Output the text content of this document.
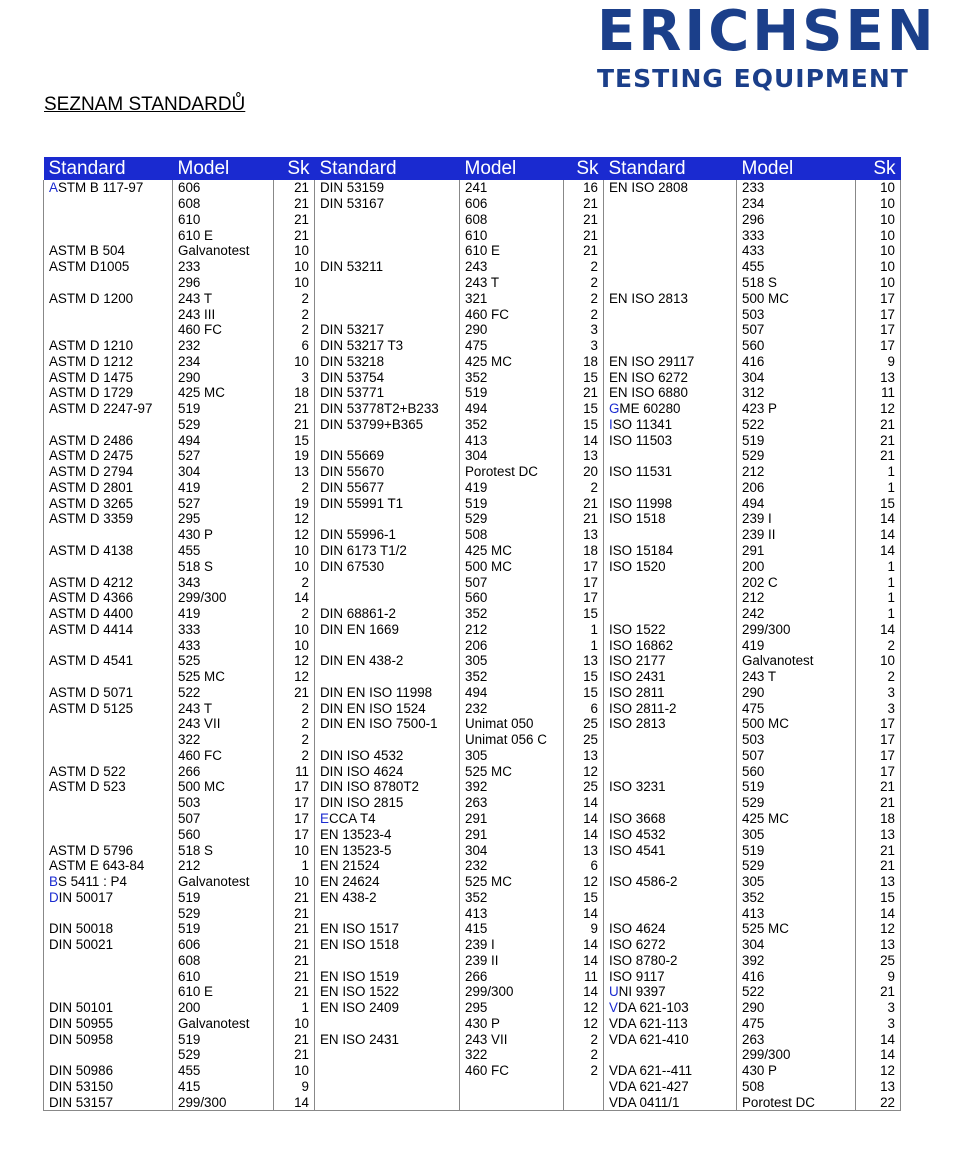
ERICHSEN
TESTING EQUIPMENT
SEZNAM STANDARDŮ
Standard	Model	Sk	Standard	Model	Sk	Standard	Model	Sk
ASTM B 117-97	606	21	DIN 53159	241	16	EN ISO 2808	233	10
	608	21	DIN 53167	606	21		234	10
	610	21		608	21		296	10
	610 E	21		610	21		333	10
ASTM B 504	Galvanotest	10		610 E	21		433	10
ASTM D1005	233	10	DIN 53211	243	2		455	10
	296	10		243 T	2		518 S	10
ASTM D 1200	243 T	2		321	2	EN ISO 2813	500 MC	17
	243 III	2		460 FC	2		503	17
	460 FC	2	DIN 53217	290	3		507	17
ASTM D 1210	232	6	DIN 53217 T3	475	3		560	17
ASTM D 1212	234	10	DIN 53218	425 MC	18	EN ISO 29117	416	9
ASTM D 1475	290	3	DIN 53754	352	15	EN ISO 6272	304	13
ASTM D 1729	425 MC	18	DIN 53771	519	21	EN ISO 6880	312	11
ASTM D 2247-97	519	21	DIN 53778T2+B233	494	15	GME 60280	423 P	12
	529	21	DIN 53799+B365	352	15	ISO 11341	522	21
ASTM D 2486	494	15		413	14	ISO 11503	519	21
ASTM D 2475	527	19	DIN 55669	304	13		529	21
ASTM D 2794	304	13	DIN 55670	Porotest DC	20	ISO 11531	212	1
ASTM D 2801	419	2	DIN 55677	419	2		206	1
ASTM D 3265	527	19	DIN 55991 T1	519	21	ISO 11998	494	15
ASTM D 3359	295	12		529	21	ISO 1518	239 I	14
	430 P	12	DIN 55996-1	508	13		239 II	14
ASTM D 4138	455	10	DIN 6173 T1/2	425 MC	18	ISO 15184	291	14
	518 S	10	DIN 67530	500 MC	17	ISO 1520	200	1
ASTM D 4212	343	2		507	17		202 C	1
ASTM D 4366	299/300	14		560	17		212	1
ASTM D 4400	419	2	DIN 68861-2	352	15		242	1
ASTM D 4414	333	10	DIN EN 1669	212	1	ISO 1522	299/300	14
	433	10		206	1	ISO 16862	419	2
ASTM D 4541	525	12	DIN EN 438-2	305	13	ISO 2177	Galvanotest	10
	525 MC	12		352	15	ISO 2431	243 T	2
ASTM D 5071	522	21	DIN EN ISO 11998	494	15	ISO 2811	290	3
ASTM D 5125	243 T	2	DIN EN ISO 1524	232	6	ISO 2811-2	475	3
	243 VII	2	DIN EN ISO 7500-1	Unimat 050	25	ISO 2813	500 MC	17
	322	2		Unimat 056 C	25		503	17
	460 FC	2	DIN ISO 4532	305	13		507	17
ASTM D 522	266	11	DIN ISO 4624	525 MC	12		560	17
ASTM D 523	500 MC	17	DIN ISO 8780T2	392	25	ISO 3231	519	21
	503	17	DIN ISO 2815	263	14		529	21
	507	17	ECCA T4	291	14	ISO 3668	425 MC	18
	560	17	EN 13523-4	291	14	ISO 4532	305	13
ASTM D 5796	518 S	10	EN 13523-5	304	13	ISO 4541	519	21
ASTM E 643-84	212	1	EN 21524	232	6		529	21
BS 5411 : P4	Galvanotest	10	EN 24624	525 MC	12	ISO 4586-2	305	13
DIN 50017	519	21	EN 438-2	352	15		352	15
	529	21		413	14		413	14
DIN 50018	519	21	EN ISO 1517	415	9	ISO 4624	525 MC	12
DIN 50021	606	21	EN ISO 1518	239 I	14	ISO 6272	304	13
	608	21		239 II	14	ISO 8780-2	392	25
	610	21	EN ISO 1519	266	11	ISO 9117	416	9
	610 E	21	EN ISO 1522	299/300	14	UNI 9397	522	21
DIN 50101	200	1	EN ISO 2409	295	12	VDA 621-103	290	3
DIN 50955	Galvanotest	10		430 P	12	VDA 621-113	475	3
DIN 50958	519	21	EN ISO 2431	243 VII	2	VDA 621-410	263	14
	529	21		322	2		299/300	14
DIN 50986	455	10		460 FC	2	VDA 621--411	430 P	12
DIN 53150	415	9				VDA 621-427	508	13
DIN 53157	299/300	14				VDA 0411/1	Porotest DC	22
